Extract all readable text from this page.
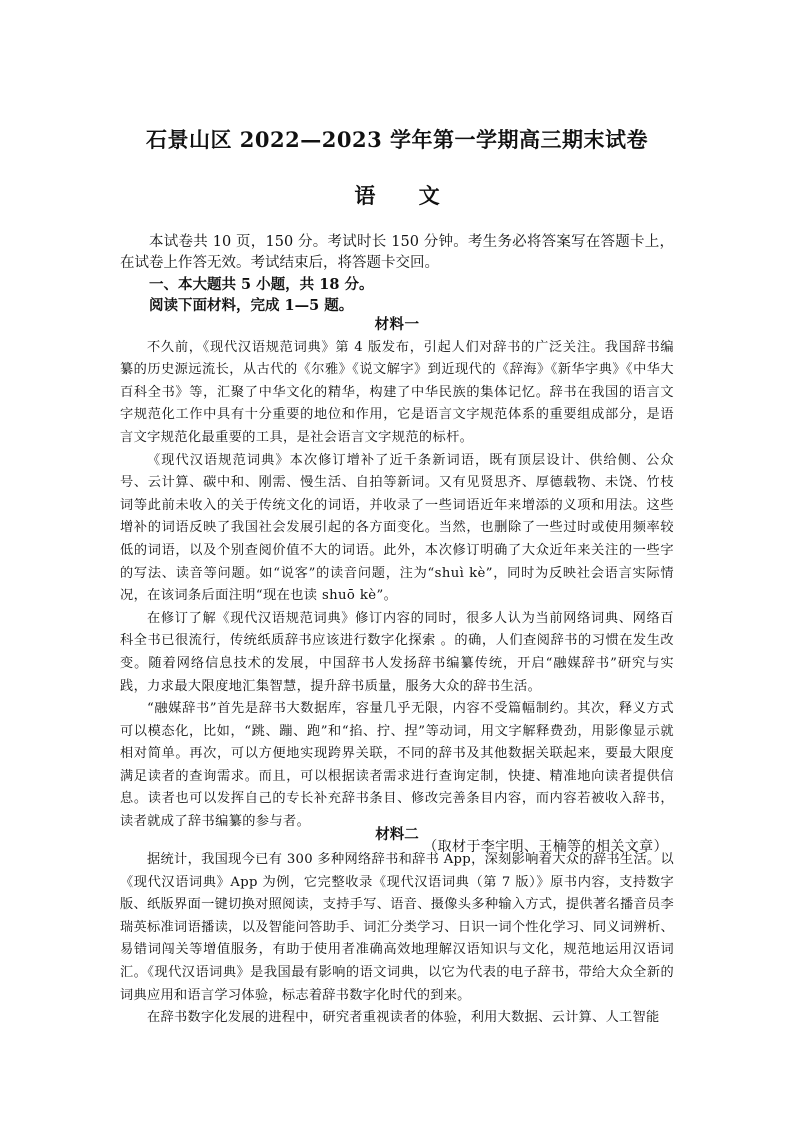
石景山区 2022—2023 学年第一学期高三期末试卷
语 文

本试卷共 10 页，150 分。考试时长 150 分钟。考生务必将答案写在答题卡上，在试卷上作答无效。考试结束后，将答题卡交回。

一、本大题共 5 小题，共 18 分。

阅读下面材料，完成 1—5 题。

材料一

不久前，《现代汉语规范词典》第 4 版发布，引起人们对辞书的广泛关注。我国辞书编纂的历史源远流长，从古代的《尔雅》《说文解字》到近现代的《辞海》《新华字典》《中华大百科全书》等，汇聚了中华文化的精华，构建了中华民族的集体记忆。辞书在我国的语言文字规范化工作中具有十分重要的地位和作用，它是语言文字规范体系的重要组成部分，是语言文字规范化最重要的工具，是社会语言文字规范的标杆。

《现代汉语规范词典》本次修订增补了近千条新词语，既有顶层设计、供给侧、公众号、云计算、碳中和、刚需、慢生活、自拍等新词。又有见贤思齐、厚德载物、未饶、竹枝词等此前未收入的关于传统文化的词语，并收录了一些词语近年来增添的义项和用法。这些增补的词语反映了我国社会发展引起的各方面变化。当然，也删除了一些过时或使用频率较低的词语，以及个别查阅价值不大的词语。此外，本次修订明确了大众近年来关注的一些字的写法、读音等问题。如“说客”的读音问题，注为“shuì kè”，同时为反映社会语言实际情况，在该词条后面注明“现在也读 shuō kè”。

在修订了解《现代汉语规范词典》修订内容的同时，很多人认为当前网络词典、网络百科全书已很流行，传统纸质辞书应该进行数字化探索 。的确，人们查阅辞书的习惯在发生改变。随着网络信息技术的发展，中国辞书人发扬辞书编纂传统，开启“融媒辞书”研究与实践，力求最大限度地汇集智慧，提升辞书质量，服务大众的辞书生活。

“融媒辞书”首先是辞书大数据库，容量几乎无限，内容不受篇幅制约。其次，释义方式可以模态化，比如，“跳、蹦、跑”和“掐、拧、捏”等动词，用文字解释费劲，用影像显示就相对简单。再次，可以方便地实现跨界关联，不同的辞书及其他数据关联起来，要最大限度满足读者的查询需求。而且，可以根据读者需求进行查询定制，快捷、精准地向读者提供信息。读者也可以发挥自己的专长补充辞书条目、修改完善条目内容，而内容若被收入辞书，读者就成了辞书编纂的参与者。

（取材于李宇明、王楠等的相关文章）

材料二

据统计，我国现今已有 300 多种网络辞书和辞书 App，深刻影响着大众的辞书生活。以《现代汉语词典》App 为例，它完整收录《现代汉语词典（第 7 版）》原书内容，支持数字版、纸版界面一键切换对照阅读，支持手写、语音、摄像头多种输入方式，提供著名播音员李瑞英标准词语播读，以及智能问答助手、词汇分类学习、日识一词个性化学习、同义词辨析、易错词闯关等增值服务，有助于使用者准确高效地理解汉语知识与文化，规范地运用汉语词汇。《现代汉语词典》是我国最有影响的语文词典，以它为代表的电子辞书，带给大众全新的词典应用和语言学习体验，标志着辞书数字化时代的到来。

在辞书数字化发展的进程中，研究者重视读者的体验，利用大数据、云计算、人工智能
